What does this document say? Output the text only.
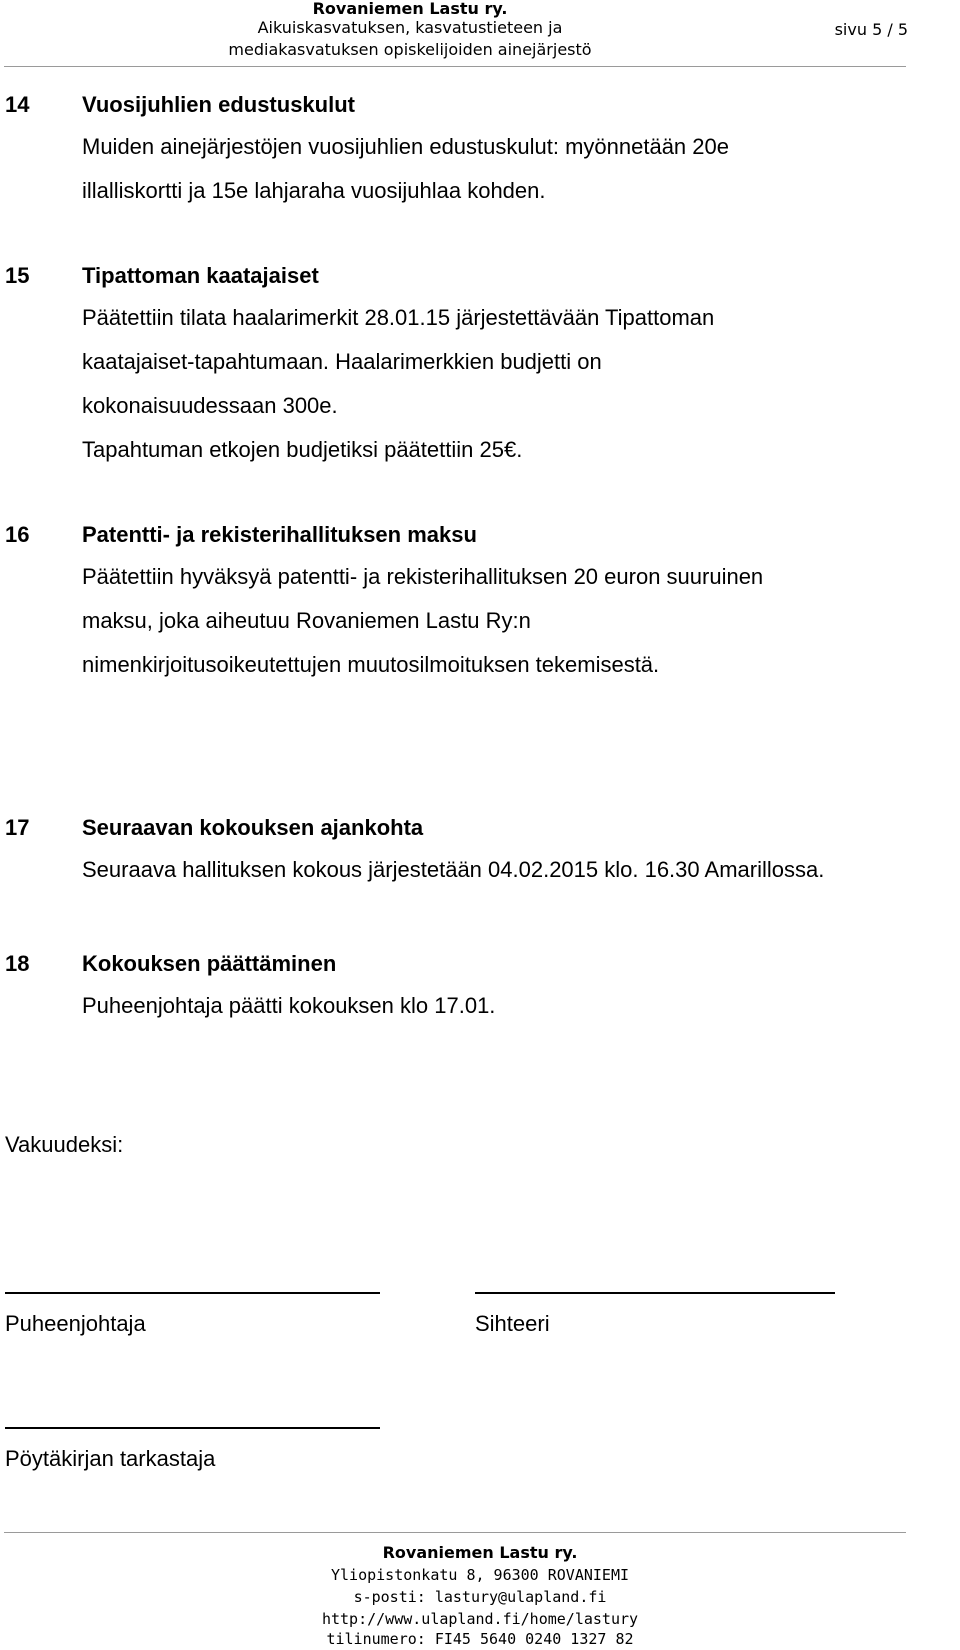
Rovaniemen Lastu ry.
Aikuiskasvatuksen, kasvatustieteen ja
mediakasvatuksen opiskelijoiden ainejärjestö
sivu 5 / 5
14 Vuosijuhlien edustuskulut
Muiden ainejärjestöjen vuosijuhlien edustuskulut: myönnetään 20e
illalliskortti ja 15e lahjaraha vuosijuhlaa kohden.
15 Tipattoman kaatajaiset
Päätettiin tilata haalarimerkit 28.01.15 järjestettävään Tipattoman
kaatajaiset-tapahtumaan. Haalarimerkkien budjetti on
kokonaisuudessaan 300e.
Tapahtuman etkojen budjetiksi päätettiin 25€.
16 Patentti- ja rekisterihallituksen maksu
Päätettiin hyväksyä patentti- ja rekisterihallituksen 20 euron suuruinen
maksu, joka aiheutuu Rovaniemen Lastu Ry:n
nimenkirjoitusoikeutettujen muutosilmoituksen tekemisestä.
17 Seuraavan kokouksen ajankohta
Seuraava hallituksen kokous järjestetään 04.02.2015 klo. 16.30 Amarillossa.
18 Kokouksen päättäminen
Puheenjohtaja päätti kokouksen klo 17.01.
Vakuudeksi:
Puheenjohtaja	Sihteeri
Pöytäkirjan tarkastaja
Rovaniemen Lastu ry.
Yliopistonkatu 8, 96300 ROVANIEMI
s-posti: lastury@ulapland.fi
http://www.ulapland.fi/home/lastury
tilinumero: FI45 5640 0240 1327 82
